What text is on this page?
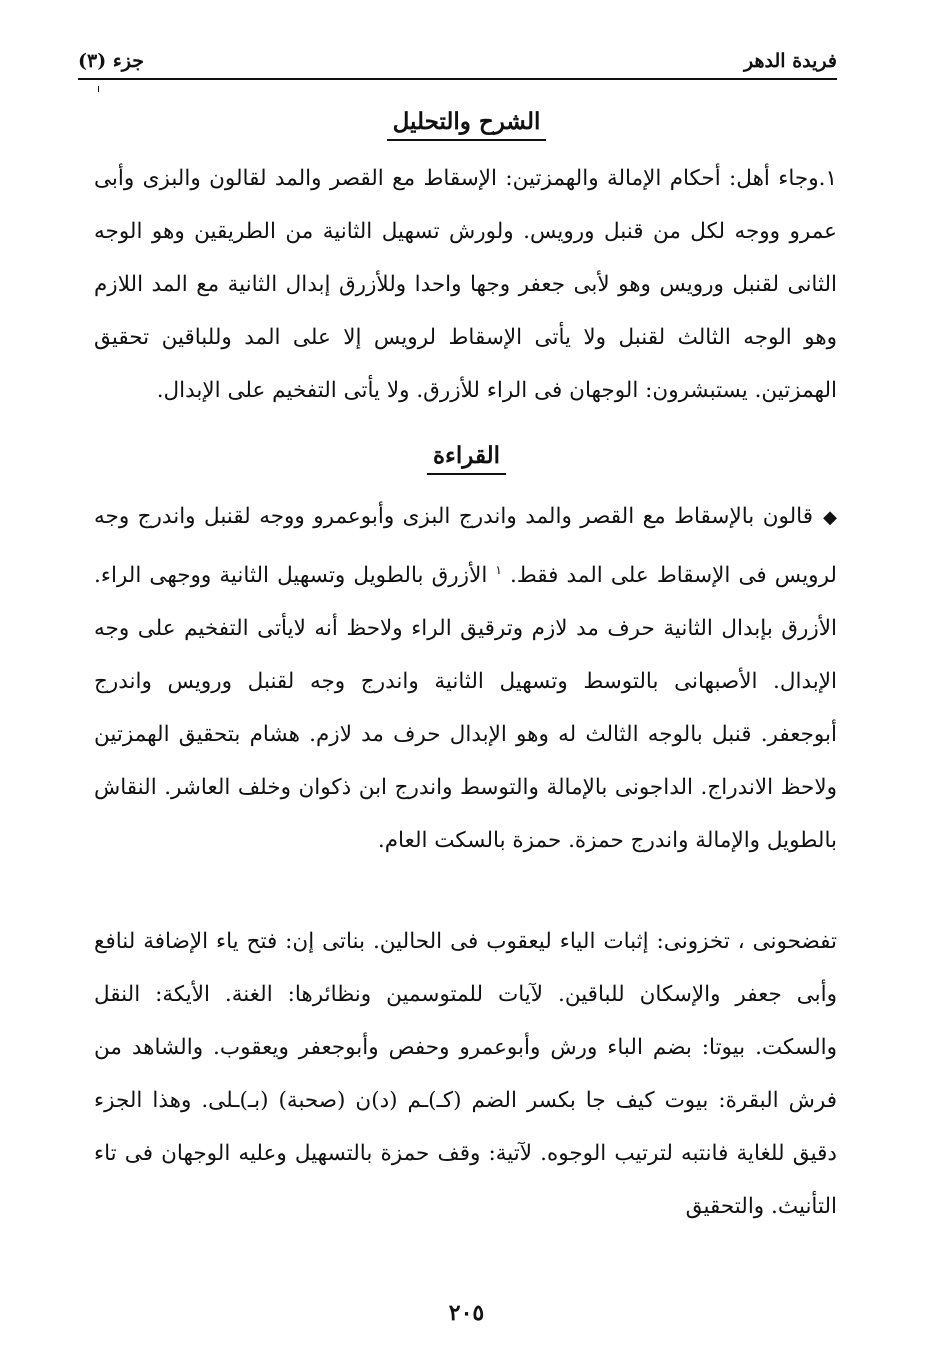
فريدة الدهر
جزء (٣)
الشرح والتحليل
١.وجاء أهل: أحكام الإمالة والهمزتين: الإسقاط مع القصر والمد لقالون والبزى وأبى عمرو ووجه لكل من قنبل ورويس. ولورش تسهيل الثانية من الطريقين وهو الوجه الثانى لقنبل ورويس وهو لأبى جعفر وجها واحدا وللأزرق إبدال الثانية مع المد اللازم وهو الوجه الثالث لقنبل ولا يأتى الإسقاط لرويس إلا على المد وللباقين تحقيق الهمزتين. يستبشرون: الوجهان فى الراء للأزرق. ولا يأتى التفخيم على الإبدال.
القراءة
◆قالون بالإسقاط مع القصر والمد واندرج البزى وأبوعمرو ووجه لقنبل واندرج وجه لرويس فى الإسقاط على المد فقط. $^١$ الأزرق بالطويل وتسهيل الثانية ووجهى الراء. الأزرق بإبدال الثانية حرف مد لازم وترقيق الراء ولاحظ أنه لايأتى التفخيم على وجه الإبدال. الأصبهانى بالتوسط وتسهيل الثانية واندرج وجه لقنبل ورويس واندرج أبوجعفر. قنبل بالوجه الثالث له وهو الإبدال حرف مد لازم. هشام بتحقيق الهمزتين ولاحظ الاندراج. الداجونى بالإمالة والتوسط واندرج ابن ذكوان وخلف العاشر. النقاش بالطويل والإمالة واندرج حمزة. حمزة بالسكت العام.
تفضحونى ، تخزونى: إثبات الياء ليعقوب فى الحالين. بناتى إن: فتح ياء الإضافة لنافع وأبى جعفر والإسكان للباقين. لآيات للمتوسمين ونظائرها: الغنة. الأيكة: النقل والسكت. بيوتا: بضم الباء ورش وأبوعمرو وحفص وأبوجعفر ويعقوب. والشاهد من فرش البقرة: بيوت كيف جا بكسر الضم (كـ)ـم (د)ن (صحبة) (بـ)ـلى. وهذا الجزء دقيق للغاية فانتبه لترتيب الوجوه. لآتية: وقف حمزة بالتسهيل وعليه الوجهان فى تاء التأنيث. والتحقيق
٢٠٥
